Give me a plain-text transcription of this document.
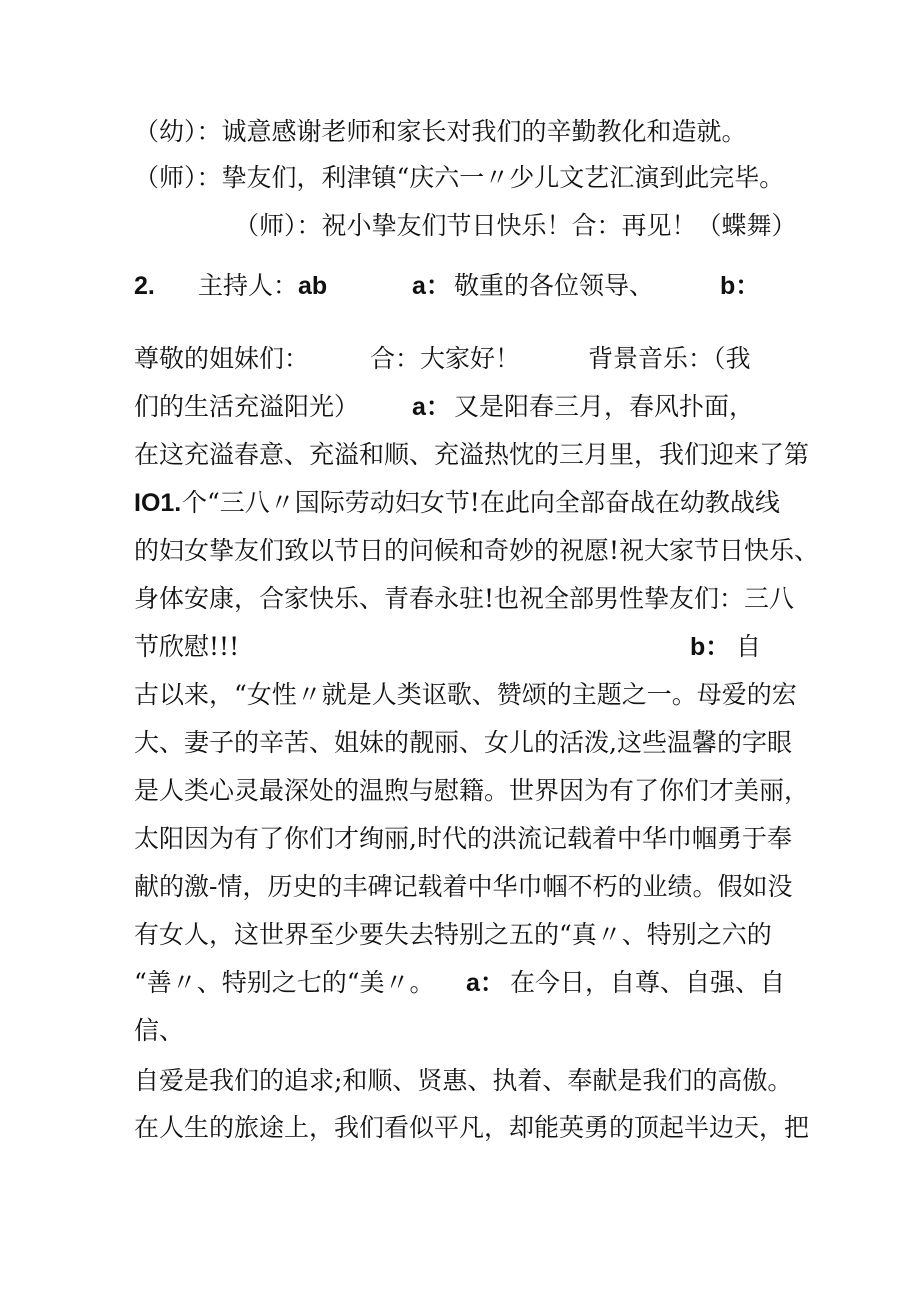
（幼）：诚意感谢老师和家长对我们的辛勤教化和造就。
（师）：挚友们，利津镇“庆六一〃少儿文艺汇演到此完毕。
（师）：祝小挚友们节日快乐！合：再见！（蝶舞）
2. 主持人： ab	a： 敬重的各位领导、	b：
尊敬的姐妹们： 合：大家好！	背景音乐：（我
们的生活充溢阳光） a： 又是阳春三月，春风扑面，
在这充溢春意、充溢和顺、充溢热忱的三月里，我们迎来了第
IO1. 个“三八〃国际劳动妇女节!在此向全部奋战在幼教战线
的妇女挚友们致以节日的问候和奇妙的祝愿!祝大家节日快乐、
身体安康，合家快乐、青春永驻!也祝全部男性挚友们：三八
节欣慰!!!	b： 自
古以来，“女性〃就是人类讴歌、赞颂的主题之一。母爱的宏
大、妻子的辛苦、姐妹的靓丽、女儿的活泼,这些温馨的字眼
是人类心灵最深处的温煦与慰籍。世界因为有了你们才美丽，
太阳因为有了你们才绚丽,时代的洪流记载着中华巾帼勇于奉
献的激-情，历史的丰碑记载着中华巾帼不朽的业绩。假如没
有女人，这世界至少要失去特别之五的“真〃、特别之六的
“善〃、特别之七的“美〃。 a： 在今日，自尊、自强、自
信、
自爱是我们的追求;和顺、贤惠、执着、奉献是我们的高傲。
在人生的旅途上，我们看似平凡，却能英勇的顶起半边天，把
